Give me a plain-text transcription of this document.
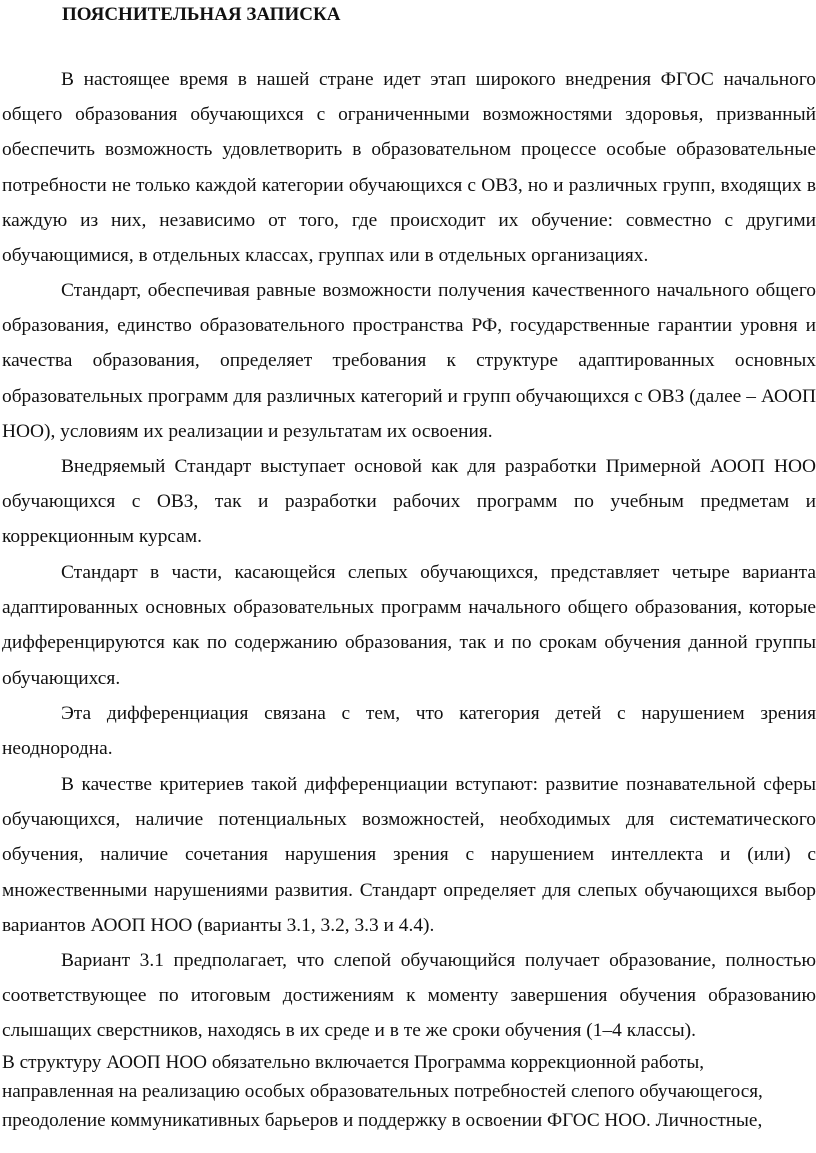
ПОЯСНИТЕЛЬНАЯ ЗАПИСКА

В настоящее время в нашей стране идет этап широкого внедрения ФГОС начального общего образования обучающихся с ограниченными возможностями здоровья, призванный обеспечить возможность удовлетворить в образовательном процессе особые образовательные потребности не только каждой категории обучающихся с ОВЗ, но и различных групп, входящих в каждую из них, независимо от того, где происходит их обучение: совместно с другими обучающимися, в отдельных классах, группах или в отдельных организациях.

Стандарт, обеспечивая равные возможности получения качественного начального общего образования, единство образовательного пространства РФ, государственные гарантии уровня и качества образования, определяет требования к структуре адаптированных основных образовательных программ для различных категорий и групп обучающихся с ОВЗ (далее – АООП НОО), условиям их реализации и результатам их освоения.

Внедряемый Стандарт выступает основой как для разработки Примерной АООП НОО обучающихся с ОВЗ, так и разработки рабочих программ по учебным предметам и коррекционным курсам.

Стандарт в части, касающейся слепых обучающихся, представляет четыре варианта адаптированных основных образовательных программ начального общего образования, которые дифференцируются как по содержанию образования, так и по срокам обучения данной группы обучающихся.

Эта дифференциация связана с тем, что категория детей с нарушением зрения неоднородна.

В качестве критериев такой дифференциации вступают: развитие познавательной сферы обучающихся, наличие потенциальных возможностей, необходимых для систематического обучения, наличие сочетания нарушения зрения с нарушением интеллекта и (или) с множественными нарушениями развития. Стандарт определяет для слепых обучающихся выбор вариантов АООП НОО (варианты 3.1, 3.2, 3.3 и 4.4).

Вариант 3.1 предполагает, что слепой обучающийся получает образование, полностью соответствующее по итоговым достижениям к моменту завершения обучения образованию слышащих сверстников, находясь в их среде и в те же сроки обучения (1–4 классы).

В структуру АООП НОО обязательно включается Программа коррекционной работы, направленная на реализацию особых образовательных потребностей слепого обучающегося, преодоление коммуникативных барьеров и поддержку в освоении ФГОС НОО. Личностные,
